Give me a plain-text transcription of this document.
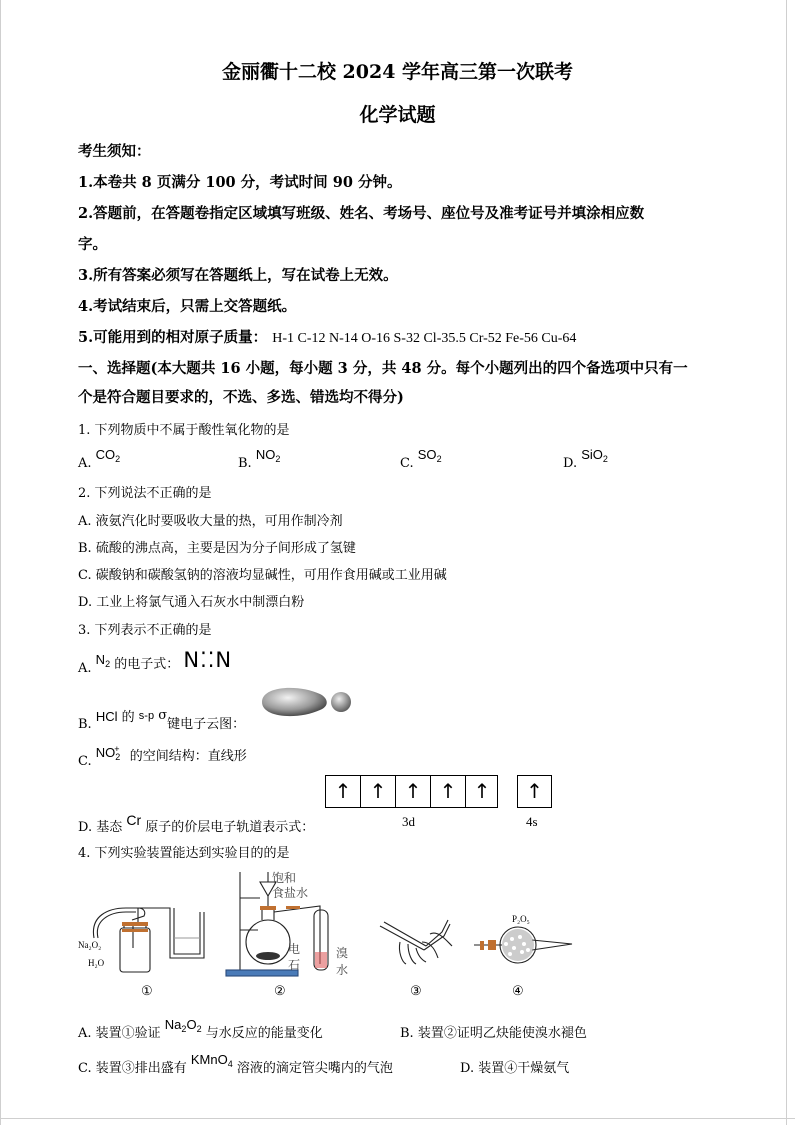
金丽衢十二校 2024 学年高三第一次联考
化学试题
考生须知：
1.本卷共 8 页满分 100 分，考试时间 90 分钟。
2.答题前，在答题卷指定区域填写班级、姓名、考场号、座位号及准考证号并填涂相应数
字。
3.所有答案必须写在答题纸上，写在试卷上无效。
4.考试结束后，只需上交答题纸。
5.可能用到的相对原子质量： H-1 C-12 N-14 O-16 S-32 Cl-35.5 Cr-52 Fe-56 Cu-64
一、选择题(本大题共 16 小题，每小题 3 分，共 48 分。每个小题列出的四个备选项中只有一
个是符合题目要求的，不选、多选、错选均不得分)
1. 下列物质中不属于酸性氧化物的是
A. $CO_2$	B. $NO_2$	C. $SO_2$	D. SiO$_2$
2. 下列说法不正确的是
A. 液氨汽化时要吸收大量的热，可用作制冷剂
B. 硫酸的沸点高，主要是因为分子间形成了氢键
C. 碳酸钠和碳酸氢钠的溶液均显碱性，可用作食用碱或工业用碱
D. 工业上将氯气通入石灰水中制漂白粉
3. 下列表示不正确的是
A. $N_2$ 的电子式： N⁚⁚N
B. HCl 的 $^{s-p}$ σ键电子云图：
C. $NO_2^+$ 的空间结构：直线形
D. 基态 Cr 原子的价层电子轨道表示式：
↑ ↑ ↑ ↑ ↑	↑
3d	4s
4. 下列实验装置能达到实验目的的是
Na₂O₂
H₂O
饱和
食盐水
电
石
溴
水
P₂O₅
①	②	③	④
A. 装置①验证 $Na_2O_2$ 与水反应的能量变化	B. 装置②证明乙炔能使溴水褪色
C. 装置③排出盛有 KMnO$_4$ 溶液的滴定管尖嘴内的气泡	D. 装置④干燥氨气
